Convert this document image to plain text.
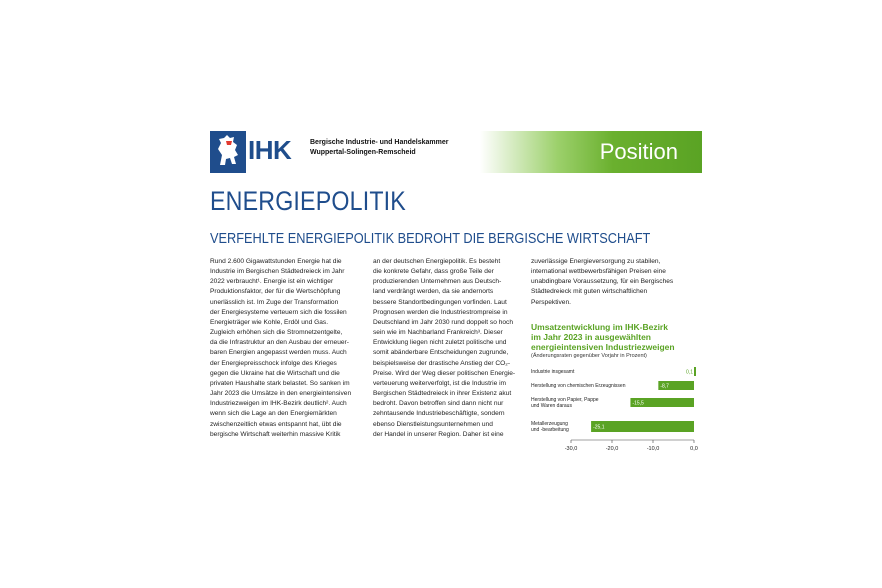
IHK	Bergische Industrie- und Handelskammer
Wuppertal-Solingen-Remscheid	Position
ENERGIEPOLITIK
VERFEHLTE ENERGIEPOLITIK BEDROHT DIE BERGISCHE WIRTSCHAFT
Rund 2.600 Gigawattstunden Energie hat die
Industrie im Bergischen Städtedreieck im Jahr
2022 verbraucht¹. Energie ist ein wichtiger
Produktionsfaktor, der für die Wertschöpfung
unerlässlich ist. Im Zuge der Transformation
der Energiesysteme verteuern sich die fossilen
Energieträger wie Kohle, Erdöl und Gas.
Zugleich erhöhen sich die Stromnetzentgelte,
da die Infrastruktur an den Ausbau der erneuer-
baren Energien angepasst werden muss. Auch
der Energiepreisschock infolge des Krieges
gegen die Ukraine hat die Wirtschaft und die
privaten Haushalte stark belastet. So sanken im
Jahr 2023 die Umsätze in den energieintensiven
Industriezweigen im IHK-Bezirk deutlich². Auch
wenn sich die Lage an den Energiemärkten
zwischenzeitlich etwas entspannt hat, übt die
bergische Wirtschaft weiterhin massive Kritik
an der deutschen Energiepolitik. Es besteht
die konkrete Gefahr, dass große Teile der
produzierenden Unternehmen aus Deutsch-
land verdrängt werden, da sie andernorts
bessere Standortbedingungen vorfinden. Laut
Prognosen werden die Industriestrompreise in
Deutschland im Jahr 2030 rund doppelt so hoch
sein wie im Nachbarland Frankreich³. Dieser
Entwicklung liegen nicht zuletzt politische und
somit abänderbare Entscheidungen zugrunde,
beispielsweise der drastische Anstieg der CO₂-
Preise. Wird der Weg dieser politischen Energie-
verteuerung weiterverfolgt, ist die Industrie im
Bergischen Städtedreieck in ihrer Existenz akut
bedroht. Davon betroffen sind dann nicht nur
zehntausende Industriebeschäftigte, sondern
ebenso Dienstleistungsunternehmen und
der Handel in unserer Region. Daher ist eine
zuverlässige Energieversorgung zu stabilen,
international wettbewerbsfähigen Preisen eine
unabdingbare Voraussetzung, für ein Bergisches
Städtedreieck mit guten wirtschaftlichen
Perspektiven.
Umsatzentwicklung im IHK-Bezirk
im Jahr 2023 in ausgewählten
energieintensiven Industriezweigen
(Änderungsraten gegenüber Vorjahr in Prozent)
-30,0	-20,0	-10,0	0,0
0,1
-8,7
-15,5
-25,1
Industrie insgesamt
Herstellung von chemischen Erzeugnissen
Herstellung von Papier, Pappe
und Waren daraus
Metallerzeugung
und -bearbeitung
